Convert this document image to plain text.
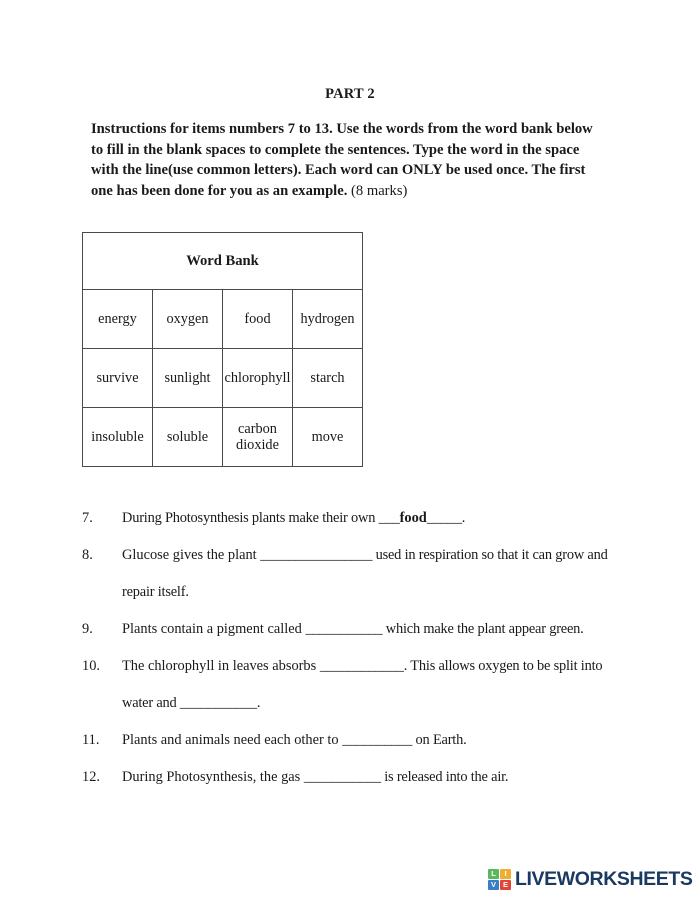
PART 2
Instructions for items numbers 7 to 13. Use the words from the word bank below to fill in the blank spaces to complete the sentences. Type the word in the space with the line(use common letters). Each word can ONLY be used once. The first one has been done for you as an example. (8 marks)
Word Bank			
energy	oxygen	food	hydrogen
survive	sunlight	chlorophyll	starch
insoluble	soluble	carbon dioxide	move
7.	During Photosynthesis plants make their own ___food_____.
8.	Glucose gives the plant ________________ used in respiration so that it can grow and repair itself.
9.	Plants contain a pigment called ___________ which make the plant appear green.
10.	The chlorophyll in leaves absorbs ____________. This allows oxygen to be split into water and ___________.
11.	Plants and animals need each other to __________ on Earth.
12.	During Photosynthesis, the gas ___________ is released into the air.
L	I
V E LIVEWORKSHEETS
